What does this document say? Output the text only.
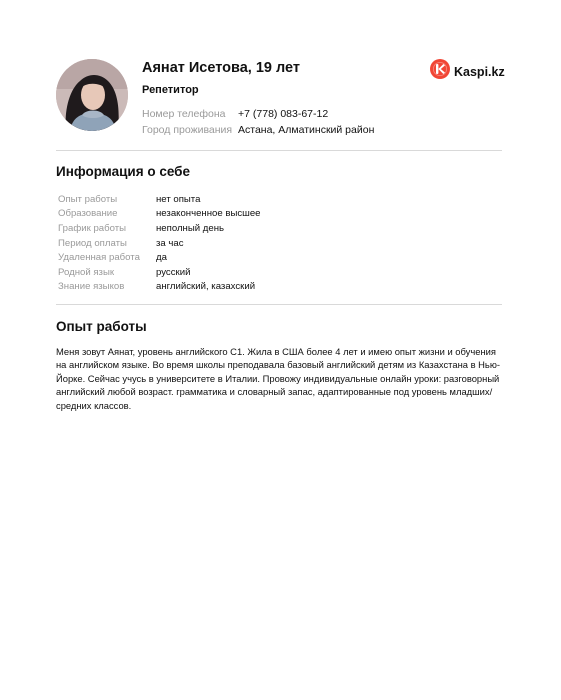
Аянат Исетова, 19 лет
Репетитор
Номер телефона +7 (778) 083-67-12
Город проживания Астана, Алматинский район
Kaspi.kz
Информация о себе
Опыт работы	нет опыта
Образование	незаконченное высшее
График работы	неполный день
Период оплаты	за час
Удаленная работа	да
Родной язык	русский
Знание языков	английский, казахский
Опыт работы
Меня зовут Аянат, уровень английского С1. Жила в США более 4 лет и имею опыт жизни и обучения на английском языке. Во время школы преподавала базовый английский детям из Казахстана в Нью-Йорке. Сейчас учусь в университете в Италии. Провожу индивидуальные онлайн уроки: разговорный английский любой возраст. грамматика и словарный запас, адаптированные под уровень младших/средних классов.
